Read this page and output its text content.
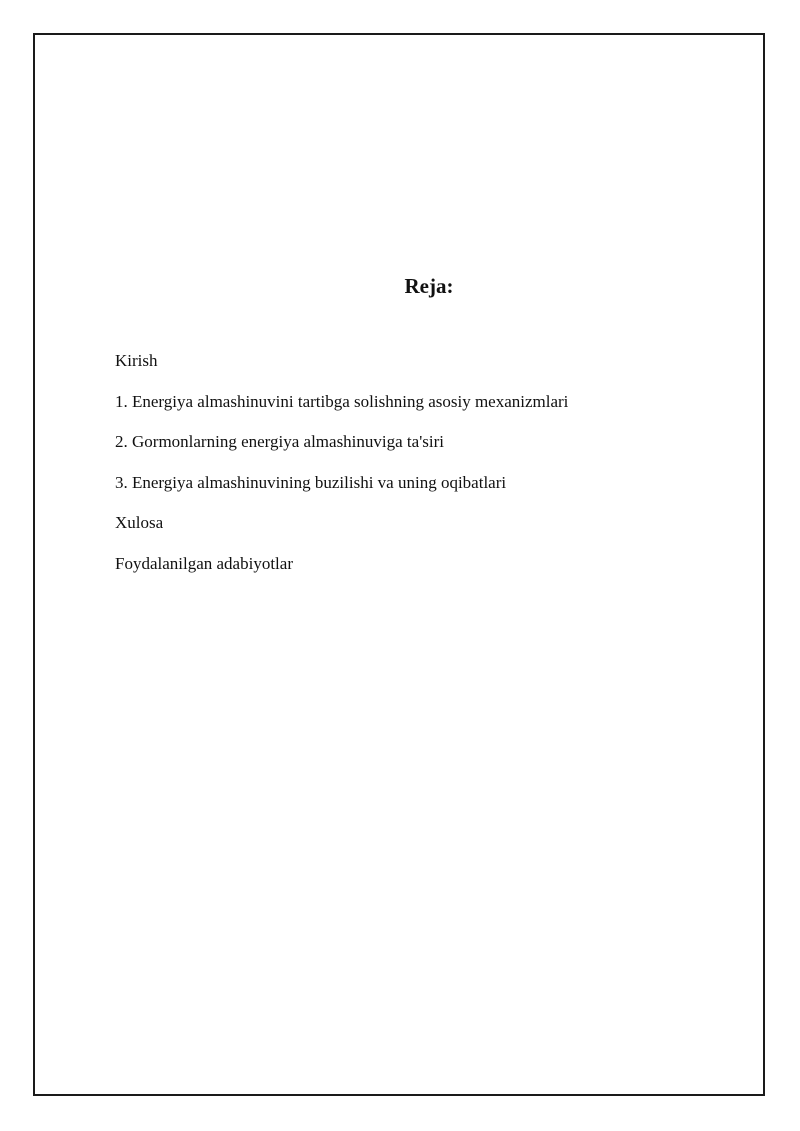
Reja:
Kirish
1. Energiya almashinuvini tartibga solishning asosiy mexanizmlari
2. Gormonlarning energiya almashinuviga ta'siri
3. Energiya almashinuvining buzilishi va uning oqibatlari
Xulosa
Foydalanilgan adabiyotlar
